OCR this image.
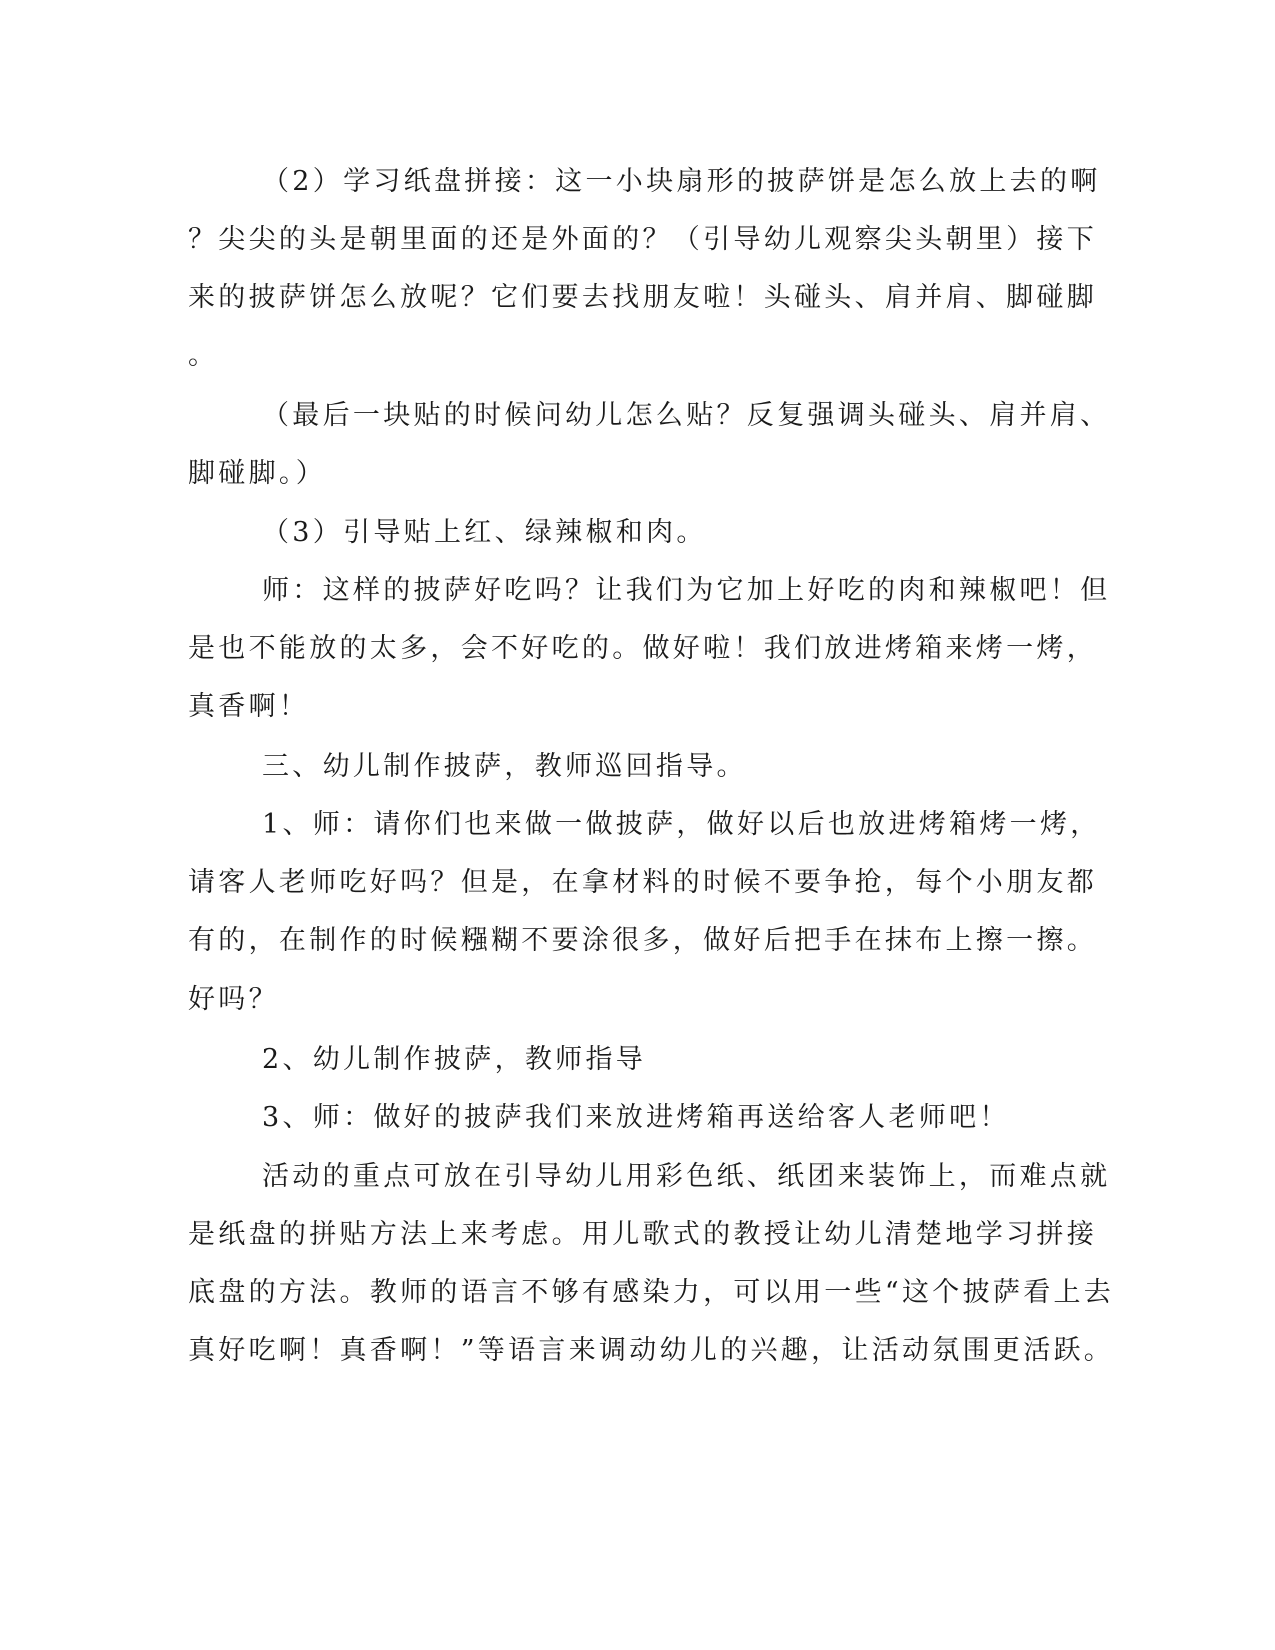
（2）学习纸盘拼接：这一小块扇形的披萨饼是怎么放上去的啊
？尖尖的头是朝里面的还是外面的？（引导幼儿观察尖头朝里）接下
来的披萨饼怎么放呢？它们要去找朋友啦！头碰头、肩并肩、脚碰脚
。
（最后一块贴的时候问幼儿怎么贴？反复强调头碰头、肩并肩、
脚碰脚。）
（3）引导贴上红、绿辣椒和肉。
师：这样的披萨好吃吗？让我们为它加上好吃的肉和辣椒吧！但
是也不能放的太多，会不好吃的。做好啦！我们放进烤箱来烤一烤，
真香啊！
三、幼儿制作披萨，教师巡回指导。
1、师：请你们也来做一做披萨，做好以后也放进烤箱烤一烤，
请客人老师吃好吗？但是，在拿材料的时候不要争抢，每个小朋友都
有的，在制作的时候糨糊不要涂很多，做好后把手在抹布上擦一擦。
好吗？
2、幼儿制作披萨，教师指导
3、师：做好的披萨我们来放进烤箱再送给客人老师吧！
活动的重点可放在引导幼儿用彩色纸、纸团来装饰上，而难点就
是纸盘的拼贴方法上来考虑。用儿歌式的教授让幼儿清楚地学习拼接
底盘的方法。教师的语言不够有感染力，可以用一些“这个披萨看上去
真好吃啊！真香啊！”等语言来调动幼儿的兴趣，让活动氛围更活跃。
